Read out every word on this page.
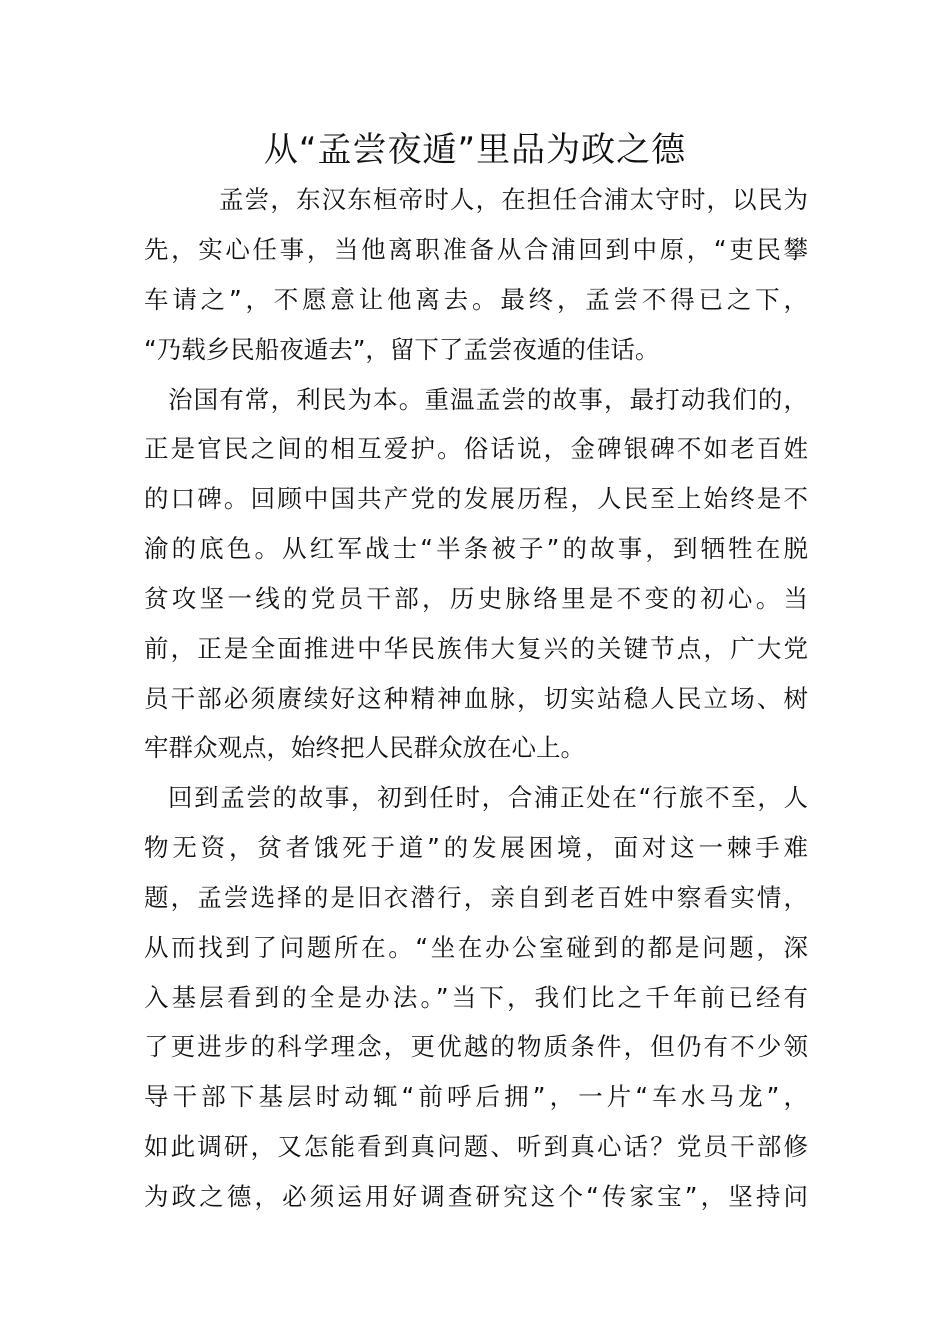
从“孟尝夜遁”里品为政之德
孟尝，东汉东桓帝时人，在担任合浦太守时，以民为
先，实心任事，当他离职准备从合浦回到中原，“吏民攀
车请之”，不愿意让他离去。最终，孟尝不得已之下，
“乃载乡民船夜遁去”，留下了孟尝夜遁的佳话。
治国有常，利民为本。重温孟尝的故事，最打动我们的，
正是官民之间的相互爱护。俗话说，金碑银碑不如老百姓
的口碑。回顾中国共产党的发展历程，人民至上始终是不
渝的底色。从红军战士“半条被子”的故事，到牺牲在脱
贫攻坚一线的党员干部，历史脉络里是不变的初心。当
前，正是全面推进中华民族伟大复兴的关键节点，广大党
员干部必须赓续好这种精神血脉，切实站稳人民立场、树
牢群众观点，始终把人民群众放在心上。
回到孟尝的故事，初到任时，合浦正处在“行旅不至，人
物无资，贫者饿死于道”的发展困境，面对这一棘手难
题，孟尝选择的是旧衣潜行，亲自到老百姓中察看实情，
从而找到了问题所在。“坐在办公室碰到的都是问题，深
入基层看到的全是办法。”当下，我们比之千年前已经有
了更进步的科学理念，更优越的物质条件，但仍有不少领
导干部下基层时动辄“前呼后拥”，一片“车水马龙”，
如此调研，又怎能看到真问题、听到真心话？党员干部修
为政之德，必须运用好调查研究这个“传家宝”，坚持问
